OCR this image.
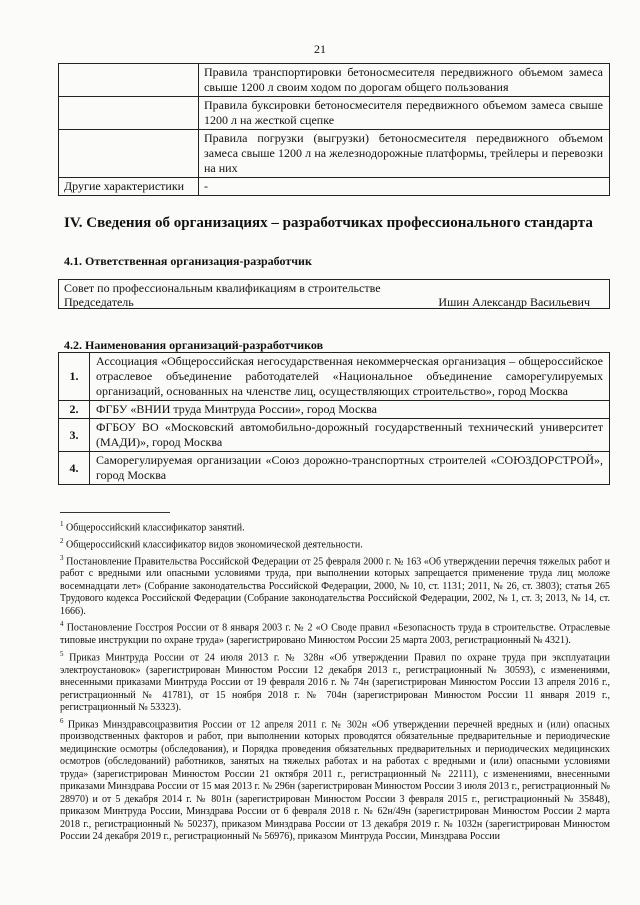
21
	Правила транспортировки бетоносмесителя передвижного объемом замеса свыше 1200 л своим ходом по дорогам общего пользования
	Правила буксировки бетоносмесителя передвижного объемом замеса свыше 1200 л на жесткой сцепке
	Правила погрузки (выгрузки) бетоносмесителя передвижного объемом замеса свыше 1200 л на железнодорожные платформы, трейлеры и перевозки на них
Другие характеристики	-
IV. Сведения об организациях – разработчиках профессионального стандарта
4.1. Ответственная организация-разработчик
Совет по профессиональным квалификациям в строительстве
Председатель	Ишин Александр Васильевич
4.2. Наименования организаций-разработчиков
1.	Ассоциация «Общероссийская негосударственная некоммерческая организация – общероссийское отраслевое объединение работодателей «Национальное объединение саморегулируемых организаций, основанных на членстве лиц, осуществляющих строительство», город Москва
2.	ФГБУ «ВНИИ труда Минтруда России», город Москва
3.	ФГБОУ ВО «Московский автомобильно-дорожный государственный технический университет (МАДИ)», город Москва
4.	Саморегулируемая организации «Союз дорожно-транспортных строителей «СОЮЗДОРСТРОЙ», город Москва

$^1$ Общероссийский классификатор занятий.

$^2$ Общероссийский классификатор видов экономической деятельности.

$^3$ Постановление Правительства Российской Федерации от 25 февраля 2000 г. № 163 «Об утверждении перечня тяжелых работ и работ с вредными или опасными условиями труда, при выполнении которых запрещается применение труда лиц моложе восемнадцати лет» (Собрание законодательства Российской Федерации, 2000, № 10, ст. 1131; 2011, № 26, ст. 3803); статья 265 Трудового кодекса Российской Федерации (Собрание законодательства Российской Федерации, 2002, № 1, ст. 3; 2013, № 14, ст. 1666).

$^4$ Постановление Госстроя России от 8 января 2003 г. № 2 «О Своде правил «Безопасность труда в строительстве. Отраслевые типовые инструкции по охране труда» (зарегистрировано Минюстом России 25 марта 2003, регистрационный № 4321).

$^5$ Приказ Минтруда России от 24 июля 2013 г. № 328н «Об утверждении Правил по охране труда при эксплуатации электроустановок» (зарегистрирован Минюстом России 12 декабря 2013 г., регистрационный № 30593), с изменениями, внесенными приказами Минтруда России от 19 февраля 2016 г. № 74н (зарегистрирован Минюстом России 13 апреля 2016 г., регистрационный № 41781), от 15 ноября 2018 г. № 704н (зарегистрирован Минюстом России 11 января 2019 г., регистрационный № 53323).

$^6$ Приказ Минздравсоцразвития России от 12 апреля 2011 г. № 302н «Об утверждении перечней вредных и (или) опасных производственных факторов и работ, при выполнении которых проводятся обязательные предварительные и периодические медицинские осмотры (обследования), и Порядка проведения обязательных предварительных и периодических медицинских осмотров (обследований) работников, занятых на тяжелых работах и на работах с вредными и (или) опасными условиями труда» (зарегистрирован Минюстом России 21 октября 2011 г., регистрационный № 22111), с изменениями, внесенными приказами Минздрава России от 15 мая 2013 г. № 296н (зарегистрирован Минюстом России 3 июля 2013 г., регистрационный № 28970) и от 5 декабря 2014 г. № 801н (зарегистрирован Минюстом России 3 февраля 2015 г., регистрационный № 35848), приказом Минтруда России, Минздрава России от 6 февраля 2018 г. № 62н/49н (зарегистрирован Минюстом России 2 марта 2018 г., регистрационный № 50237), приказом Минздрава России от 13 декабря 2019 г. № 1032н (зарегистрирован Минюстом России 24 декабря 2019 г., регистрационный № 56976), приказом Минтруда России, Минздрава России
